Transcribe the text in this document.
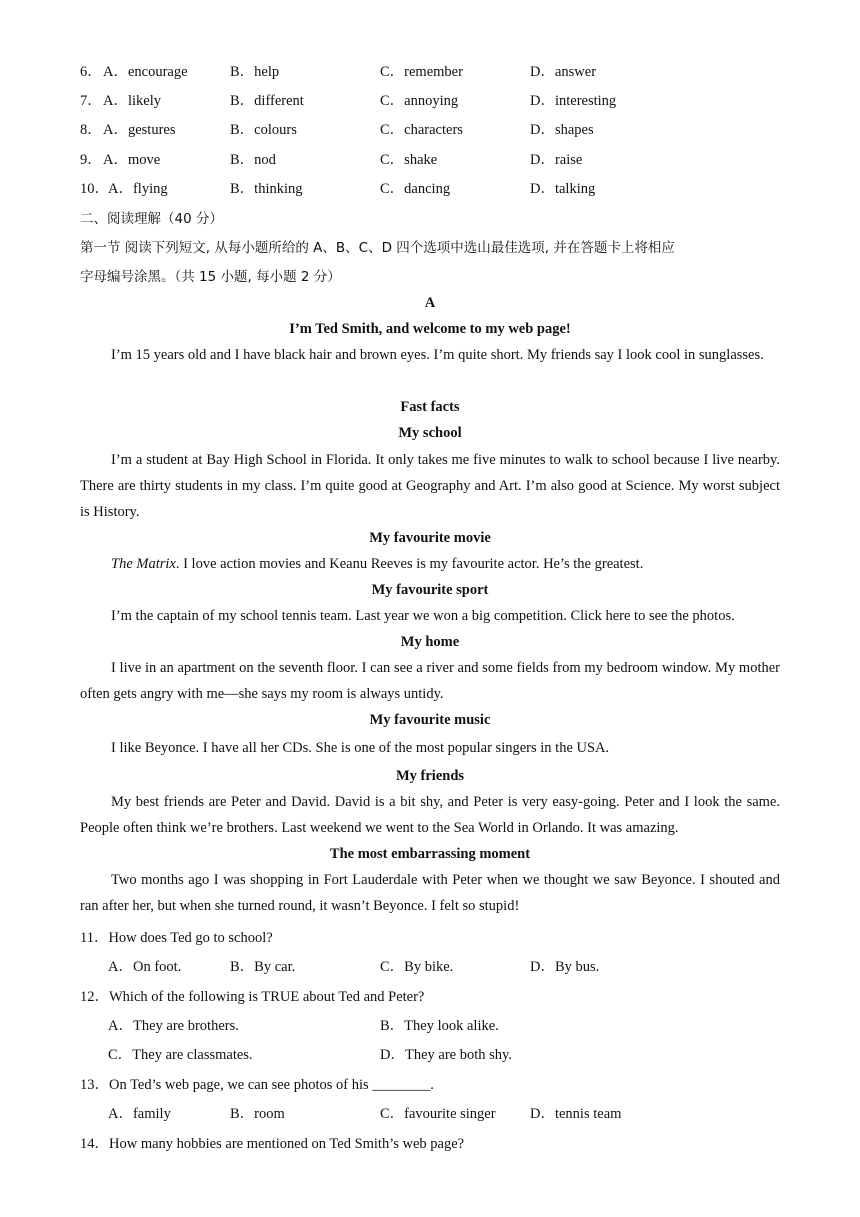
6． A．encourage	B．help	C．remember	D．answer
7． A．likely	B．different	C．annoying	D．interesting
8． A．gestures	B．colours	C．characters	D．shapes
9． A．move	B．nod	C．shake	D．raise
10． A．flying	B．thinking	C．dancing	D．talking
二、阅读理解（40 分）
第一节 阅读下列短文, 从每小题所给的 A、B、C、D 四个选项中选山最佳选项, 并在答题卡上将相应
字母编号涂黑。（共 15 小题, 每小题 2 分）
A
I’m Ted Smith, and welcome to my web page!
I’m 15 years old and I have black hair and brown eyes. I’m quite short. My friends say I look cool in sunglasses.
Fast facts
My school
I’m a student at Bay High School in Florida. It only takes me five minutes to walk to school because I live nearby. There are thirty students in my class. I’m quite good at Geography and Art. I’m also good at Science. My worst subject is History.
My favourite movie
The Matrix. I love action movies and Keanu Reeves is my favourite actor. He’s the greatest.
My favourite sport
I’m the captain of my school tennis team. Last year we won a big competition. Click here to see the photos.
My home
I live in an apartment on the seventh floor. I can see a river and some fields from my bedroom window. My mother often gets angry with me—she says my room is always untidy.
My favourite music
I like Beyonce. I have all her CDs. She is one of the most popular singers in the USA.
My friends
My best friends are Peter and David. David is a bit shy, and Peter is very easy-going. Peter and I look the same. People often think we’re brothers. Last weekend we went to the Sea World in Orlando. It was amazing.
The most embarrassing moment
Two months ago I was shopping in Fort Lauderdale with Peter when we thought we saw Beyonce. I shouted and ran after her, but when she turned round, it wasn’t Beyonce. I felt so stupid!
11．How does Ted go to school?
A．On foot.	B．By car.	C．By bike.	D．By bus.
12．Which of the following is TRUE about Ted and Peter?
A．They are brothers.	B．They look alike.
C．They are classmates.	D．They are both shy.
13．On Ted’s web page, we can see photos of his ________.
A．family	B．room	C．favourite singer D．tennis team
14．How many hobbies are mentioned on Ted Smith’s web page?
